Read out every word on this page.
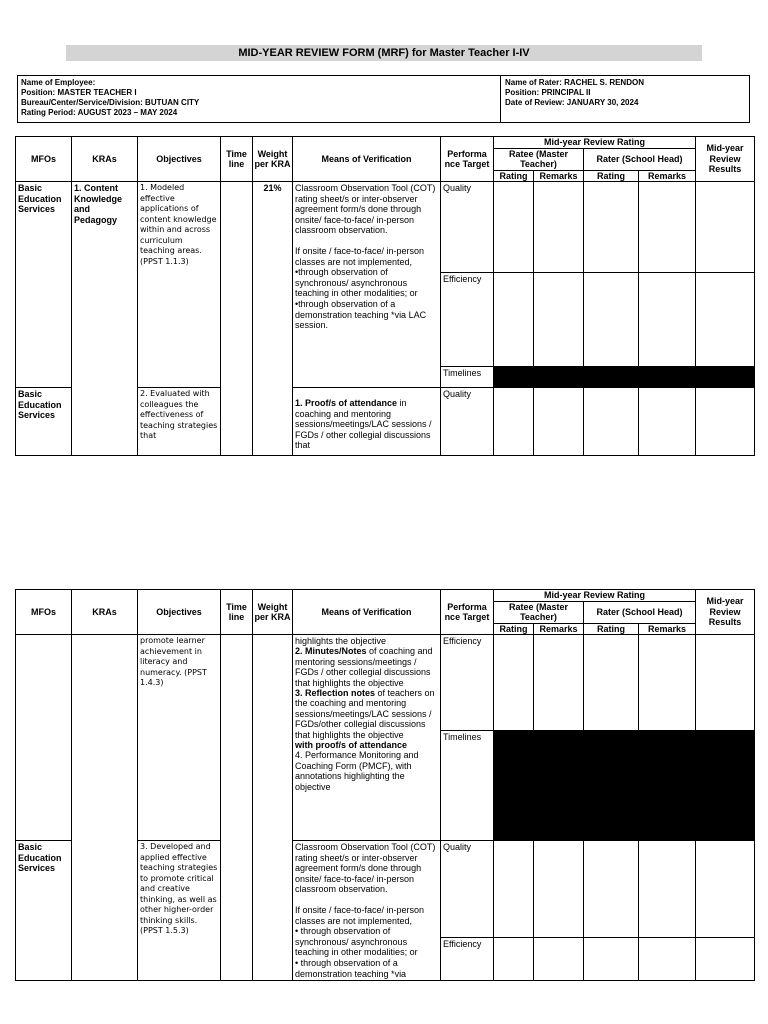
MID-YEAR REVIEW FORM (MRF) for Master Teacher I-IV
Name of Employee:
Position: MASTER TEACHER I
Bureau/Center/Service/Division: BUTUAN CITY
Rating Period: AUGUST 2023 – MAY 2024
Name of Rater: RACHEL S. RENDON
Position: PRINCIPAL II
Date of Review: JANUARY 30, 2024
MFOs	KRAs	Objectives	Time line	Weight per KRA	Means of Verification	Performa nce Target	Mid-year Review Rating				Mid-year Review Results
							Ratee (Master Teacher)		Rater (School Head)		
							Rating	Remarks	Rating	Remarks	

Basic Education Services	1. Content Knowledge and Pedagogy	1. Modeled effective applications of content knowledge within and across curriculum teaching areas. (PPST 1.1.3)		21%	Classroom Observation Tool (COT) rating sheet/s or inter-observer agreement form/s done through onsite/ face-to-face/ in-person classroom observation.
If onsite / face-to-face/ in-person classes are not implemented,
•through observation of synchronous/ asynchronous teaching in other modalities; or
•through observation of a demonstration teaching *via LAC session.	Quality					

						Efficiency					

						Timelines					

Basic Education Services		2. Evaluated with colleagues the effectiveness of teaching strategies that			1. Proof/s of attendance in coaching and mentoring sessions/meetings/LAC sessions / FGDs / other collegial discussions that	Quality					

MFOs	KRAs	Objectives	Time line	Weight per KRA	Means of Verification	Performa nce Target	Mid-year Review Rating				Mid-year Review Results
							Ratee (Master Teacher)		Rater (School Head)		
							Rating	Remarks	Rating	Remarks	

		promote learner achievement in literacy and numeracy. (PPST 1.4.3)			highlights the objective
2. Minutes/Notes of coaching and mentoring sessions/meetings / FGDs / other collegial discussions that highlights the objective
3. Reflection notes of teachers on the coaching and mentoring sessions/meetings/LAC sessions / FGDs/other collegial discussions that highlights the objective
with proof/s of attendance
4. Performance Monitoring and Coaching Form (PMCF), with annotations highlighting the objective	Efficiency					

						Timelines					

Basic Education Services		3. Developed and applied effective teaching strategies to promote critical and creative thinking, as well as other higher-order thinking skills. (PPST 1.5.3)			Classroom Observation Tool (COT) rating sheet/s or inter-observer agreement form/s done through onsite/ face-to-face/ in-person classroom observation.
If onsite / face-to-face/ in-person classes are not implemented,
• through observation of synchronous/ asynchronous teaching in other modalities; or
• through observation of a demonstration teaching *via	Quality					

						Efficiency					
